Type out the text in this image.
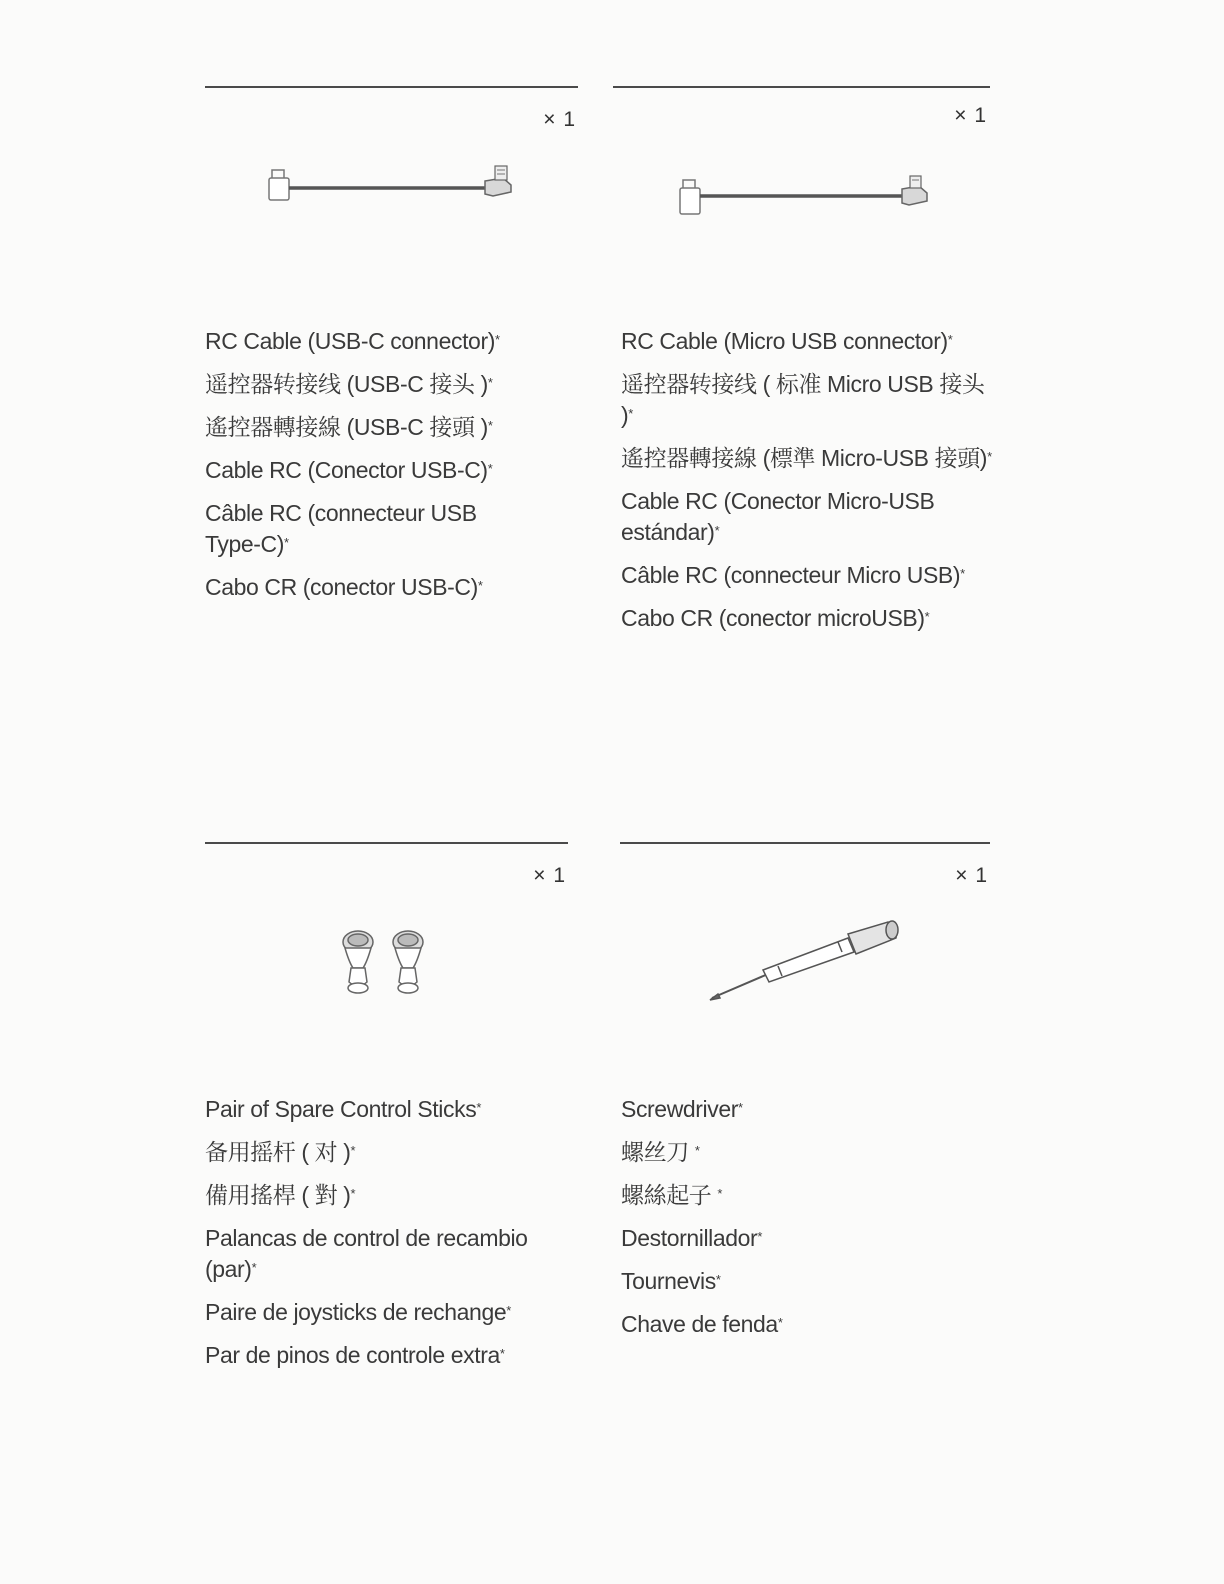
× 1
RC Cable (USB-C connector)*
遥控器转接线 (USB-C 接头 )*
遙控器轉接線 (USB-C 接頭 )*
Cable RC (Conector USB-C)*
Câble RC (connecteur USB Type-C)*
Cabo CR (conector USB-C)*
× 1
RC Cable (Micro USB connector)*
遥控器转接线 ( 标准 Micro USB 接头 )*
遙控器轉接線 (標準 Micro-USB 接頭)*
Cable RC (Conector Micro-USB estándar)*
Câble RC (connecteur Micro USB)*
Cabo CR (conector microUSB)*
× 1
Pair of Spare Control Sticks*
备用摇杆 ( 对 )*
備用搖桿 ( 對 )*
Palancas de control de recambio (par)*
Paire de joysticks de rechange*
Par de pinos de controle extra*
× 1
Screwdriver*
螺丝刀 *
螺絲起子 *
Destornillador*
Tournevis*
Chave de fenda*
